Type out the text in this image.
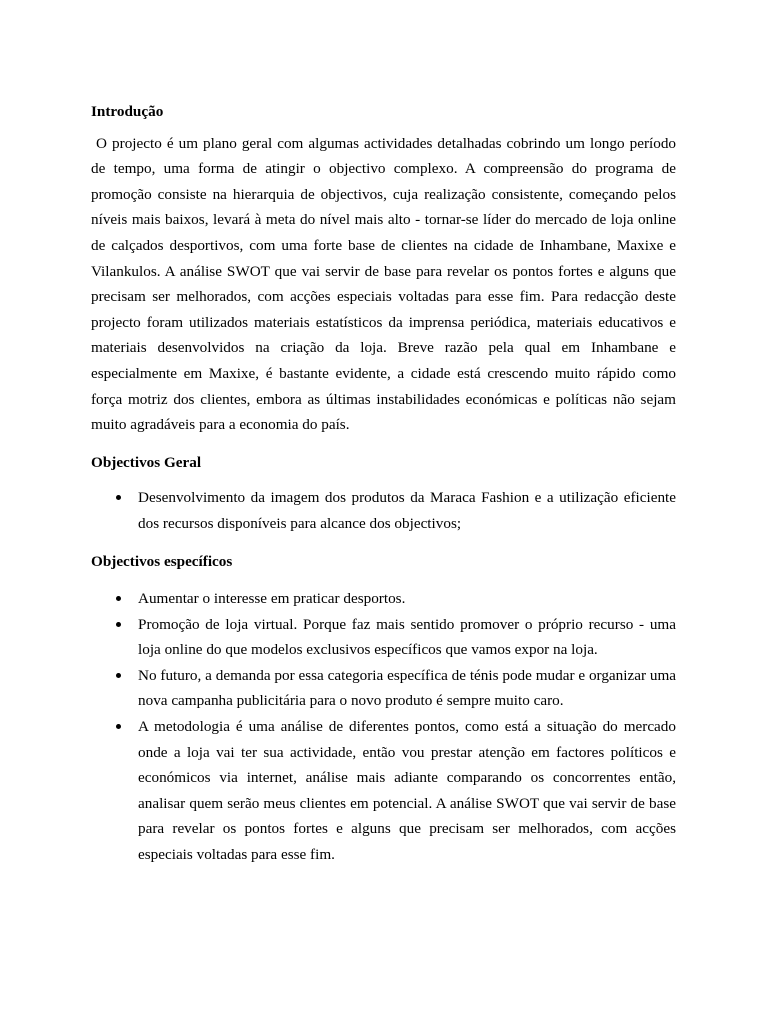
Introdução

O projecto é um plano geral com algumas actividades detalhadas cobrindo um longo período de tempo, uma forma de atingir o objectivo complexo. A compreensão do programa de promoção consiste na hierarquia de objectivos, cuja realização consistente, começando pelos níveis mais baixos, levará à meta do nível mais alto - tornar-se líder do mercado de loja online de calçados desportivos, com uma forte base de clientes na cidade de Inhambane, Maxixe e Vilankulos. A análise SWOT que vai servir de base para revelar os pontos fortes e alguns que precisam ser melhorados, com acções especiais voltadas para esse fim. Para redacção deste projecto foram utilizados materiais estatísticos da imprensa periódica, materiais educativos e materiais desenvolvidos na criação da loja. Breve razão pela qual em Inhambane e especialmente em Maxixe, é bastante evidente, a cidade está crescendo muito rápido como força motriz dos clientes, embora as últimas instabilidades económicas e políticas não sejam muito agradáveis para a economia do país.

Objectivos Geral
Desenvolvimento da imagem dos produtos da Maraca Fashion e a utilização eficiente dos recursos disponíveis para alcance dos objectivos;
Objectivos específicos
Aumentar o interesse em praticar desportos.
Promoção de loja virtual. Porque faz mais sentido promover o próprio recurso - uma loja online do que modelos exclusivos específicos que vamos expor na loja.
No futuro, a demanda por essa categoria específica de ténis pode mudar e organizar uma nova campanha publicitária para o novo produto é sempre muito caro.
A metodologia é uma análise de diferentes pontos, como está a situação do mercado onde a loja vai ter sua actividade, então vou prestar atenção em factores políticos e económicos via internet, análise mais adiante comparando os concorrentes então, analisar quem serão meus clientes em potencial. A análise SWOT que vai servir de base para revelar os pontos fortes e alguns que precisam ser melhorados, com acções especiais voltadas para esse fim.
